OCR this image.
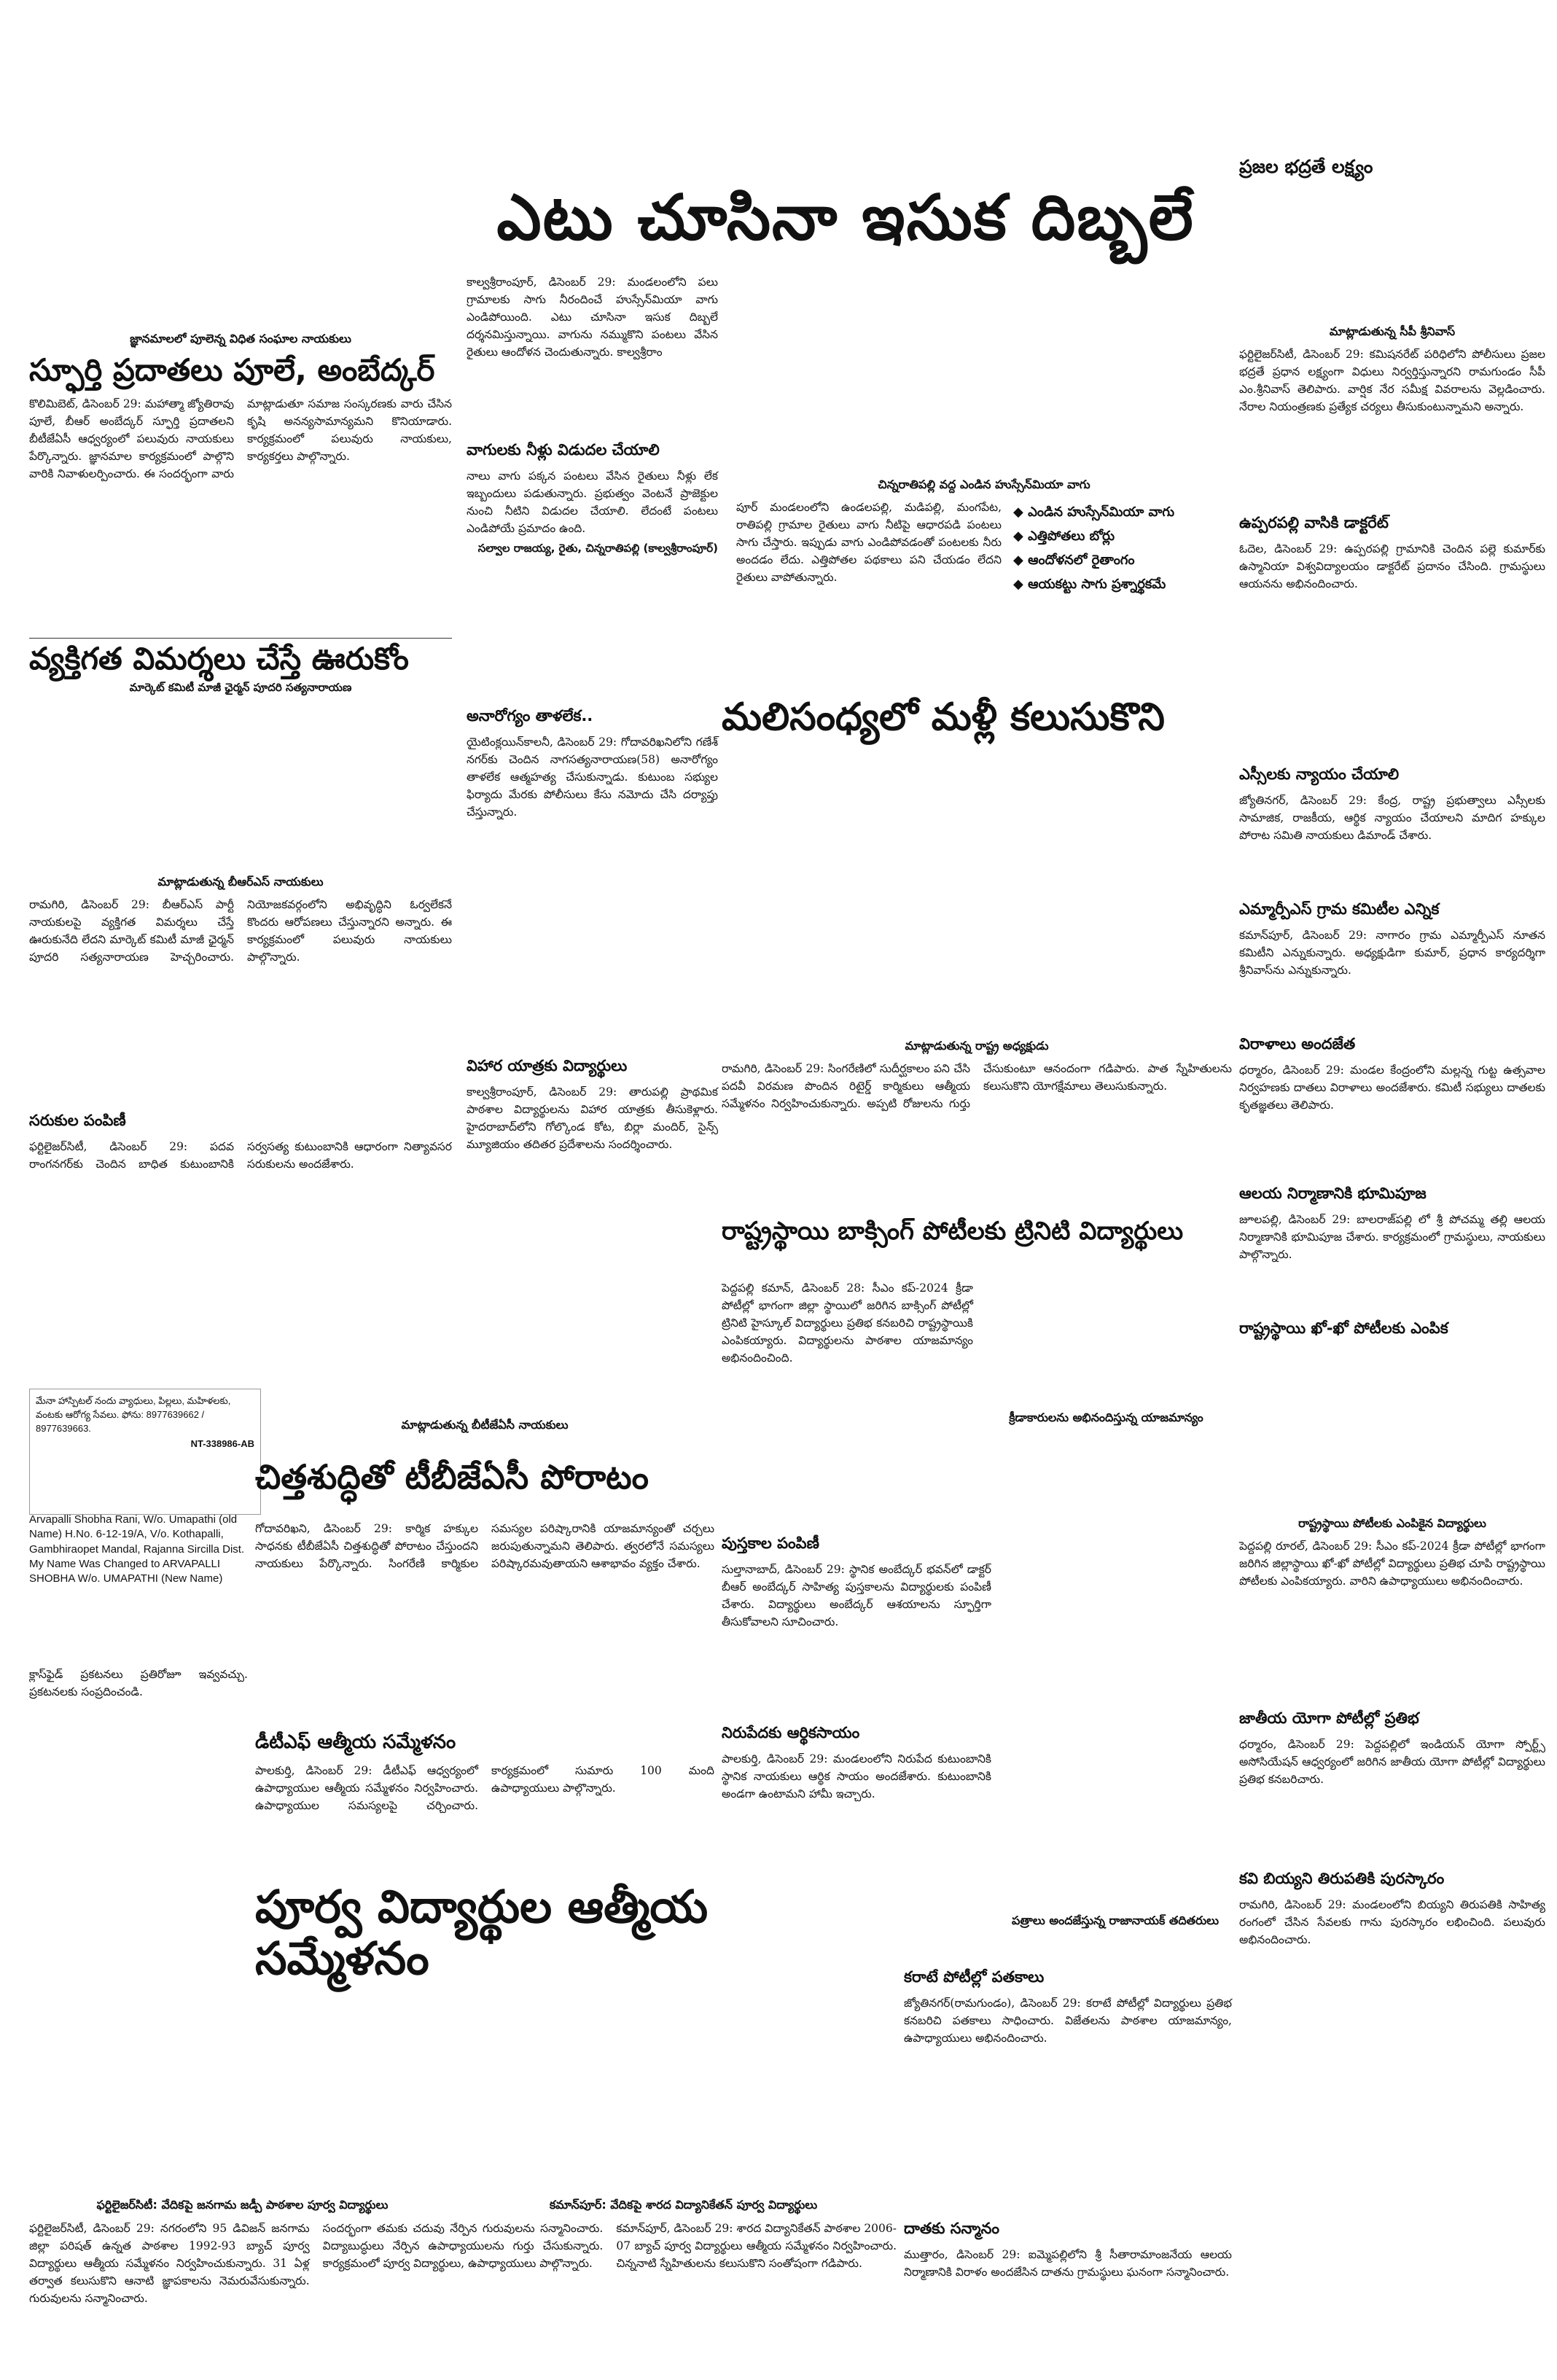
ప్రజల భద్రతే లక్ష్యం

ఎటు చూసినా ఇసుక దిబ్బలే

జ్ఞానమాలలో పూలెన్న విధిత సంఘాల నాయకులు

స్ఫూర్తి ప్రదాతలు పూలే, అంబేద్కర్

కొలిమిబెట్, డిసెంబర్ 29: మహాత్మా జ్యోతిరావు పూలే, బీఆర్ అంబేద్కర్ స్ఫూర్తి ప్రదాతలని బీటీజేఏసీ ఆధ్వర్యంలో పలువురు నాయకులు పేర్కొన్నారు. జ్ఞానమాల కార్యక్రమంలో పాల్గొని వారికి నివాళులర్పించారు. ఈ సందర్భంగా వారు మాట్లాడుతూ సమాజ సంస్కరణకు వారు చేసిన కృషి అనన్యసామాన్యమని కొనియాడారు. కార్యక్రమంలో పలువురు నాయకులు, కార్యకర్తలు పాల్గొన్నారు.

వ్యక్తిగత విమర్శలు చేస్తే ఊరుకోం

మార్కెట్ కమిటీ మాజీ ఛైర్మన్ పూదరి సత్యనారాయణ

మాట్లాడుతున్న బీఆర్ఎస్ నాయకులు

రామగిరి, డిసెంబర్ 29: బీఆర్ఎస్ పార్టీ నాయకులపై వ్యక్తిగత విమర్శలు చేస్తే ఊరుకునేది లేదని మార్కెట్ కమిటీ మాజీ ఛైర్మన్ పూదరి సత్యనారాయణ హెచ్చరించారు. నియోజకవర్గంలోని అభివృద్ధిని ఓర్వలేకనే కొందరు ఆరోపణలు చేస్తున్నారని అన్నారు. ఈ కార్యక్రమంలో పలువురు నాయకులు పాల్గొన్నారు.

సరుకుల పంపిణీ

ఫర్టిలైజర్‌సిటీ, డిసెంబర్ 29: పదవ రాంగనగర్‌కు చెందిన బాధిత కుటుంబానికి సర్వసత్య కుటుంబానికి ఆధారంగా నిత్యావసర సరుకులను అందజేశారు.

కాల్వశ్రీరాంపూర్, డిసెంబర్ 29: మండలంలోని పలు గ్రామాలకు సాగు నీరందించే హుస్సేన్‌మియా వాగు ఎండిపోయింది. ఎటు చూసినా ఇసుక దిబ్బలే దర్శనమిస్తున్నాయి. వాగును నమ్ముకొని పంటలు వేసిన రైతులు ఆందోళన చెందుతున్నారు. కాల్వశ్రీరాం

వాగులకు నీళ్లు విడుదల చేయాలి

నాలు వాగు పక్కన పంటలు వేసిన రైతులు నీళ్లు లేక ఇబ్బందులు పడుతున్నారు. ప్రభుత్వం వెంటనే ప్రాజెక్టుల నుంచి నీటిని విడుదల చేయాలి. లేదంటే పంటలు ఎండిపోయే ప్రమాదం ఉంది.

సల్వాల రాజయ్య, రైతు, చిన్నరాతిపల్లి (కాల్వశ్రీరాంపూర్)

చిన్నరాతిపల్లి వద్ద ఎండిన హుస్సేన్‌మియా వాగు

పూర్ మండలంలోని ఉండలపల్లి, మడిపల్లి, మంగపేట, రాతిపల్లి గ్రామాల రైతులు వాగు నీటిపై ఆధారపడి పంటలు సాగు చేస్తారు. ఇప్పుడు వాగు ఎండిపోవడంతో పంటలకు నీరు అందడం లేదు. ఎత్తిపోతల పథకాలు పని చేయడం లేదని రైతులు వాపోతున్నారు.

◆ ఎండిన హుస్సేన్‌మియా వాగు
◆ ఎత్తిపోతలు బోర్లు
◆ ఆందోళనలో రైతాంగం
◆ ఆయకట్టు సాగు ప్రశ్నార్థకమే

అనారోగ్యం తాళలేక..

యైటింక్లయిన్‌కాలనీ, డిసెంబర్ 29: గోదావరిఖనిలోని గణేశ్ నగర్‌కు చెందిన నాగసత్యనారాయణ(58) అనారోగ్యం తాళలేక ఆత్మహత్య చేసుకున్నాడు. కుటుంబ సభ్యుల ఫిర్యాదు మేరకు పోలీసులు కేసు నమోదు చేసి దర్యాప్తు చేస్తున్నారు.

మలిసంధ్యలో మళ్లీ కలుసుకొని

విహార యాత్రకు విద్యార్థులు

కాల్వశ్రీరాంపూర్, డిసెంబర్ 29: తారుపల్లి ప్రాథమిక పాఠశాల విద్యార్థులను విహార యాత్రకు తీసుకెళ్లారు. హైదరాబాద్‌లోని గోల్కొండ కోట, బిర్లా మందిర్, సైన్స్ మ్యూజియం తదితర ప్రదేశాలను సందర్శించారు.

మాట్లాడుతున్న రాష్ట్ర అధ్యక్షుడు

రామగిరి, డిసెంబర్ 29: సింగరేణిలో సుదీర్ఘకాలం పని చేసి పదవీ విరమణ పొందిన రిటైర్డ్ కార్మికులు ఆత్మీయ సమ్మేళనం నిర్వహించుకున్నారు. అప్పటి రోజులను గుర్తు చేసుకుంటూ ఆనందంగా గడిపారు. పాత స్నేహితులను కలుసుకొని యోగక్షేమాలు తెలుసుకున్నారు.

రాష్ట్రస్థాయి బాక్సింగ్ పోటీలకు ట్రినిటి విద్యార్థులు

పెద్దపల్లి కమాన్, డిసెంబర్ 28: సీఎం కప్-2024 క్రీడా పోటీల్లో భాగంగా జిల్లా స్థాయిలో జరిగిన బాక్సింగ్ పోటీల్లో ట్రినిటి హైస్కూల్ విద్యార్థులు ప్రతిభ కనబరిచి రాష్ట్రస్థాయికి ఎంపికయ్యారు. విద్యార్థులను పాఠశాల యాజమాన్యం అభినందించింది.

క్రీడాకారులను అభినందిస్తున్న యాజమాన్యం

మేనా హాస్పిటల్ నందు వ్యాధులు, పిల్లలు, మహిళలకు, వంటకు ఆరోగ్య సేవలు. ఫోను: 8977639662 / 8977639663.
NT-338986-AB
Arvapalli Shobha Rani, W/o. Umapathi (old Name) H.No. 6-12-19/A, V/o. Kothapalli, Gambhiraopet Mandal, Rajanna Sircilla Dist. My Name Was Changed to ARVAPALLI SHOBHA W/o. UMAPATHI (New Name)

క్లాస్‌ఫైడ్ ప్రకటనలు ప్రతిరోజూ ఇవ్వవచ్చు. ప్రకటనలకు సంప్రదించండి.

మాట్లాడుతున్న బీటీజేఏసీ నాయకులు

చిత్తశుద్ధితో టీబీజేఏసీ పోరాటం

గోదావరిఖని, డిసెంబర్ 29: కార్మిక హక్కుల సాధనకు టీబీజేఏసీ చిత్తశుద్ధితో పోరాటం చేస్తుందని నాయకులు పేర్కొన్నారు. సింగరేణి కార్మికుల సమస్యల పరిష్కారానికి యాజమాన్యంతో చర్చలు జరుపుతున్నామని తెలిపారు. త్వరలోనే సమస్యలు పరిష్కారమవుతాయని ఆశాభావం వ్యక్తం చేశారు.

డీటీఎఫ్ ఆత్మీయ సమ్మేళనం

పాలకుర్తి, డిసెంబర్ 29: డీటీఎఫ్ ఆధ్వర్యంలో ఉపాధ్యాయుల ఆత్మీయ సమ్మేళనం నిర్వహించారు. ఉపాధ్యాయుల సమస్యలపై చర్చించారు. కార్యక్రమంలో సుమారు 100 మంది ఉపాధ్యాయులు పాల్గొన్నారు.

పుస్తకాల పంపిణీ

సుల్తానాబాద్, డిసెంబర్ 29: స్థానిక అంబేద్కర్ భవన్‌లో డాక్టర్ బీఆర్ అంబేద్కర్ సాహిత్య పుస్తకాలను విద్యార్థులకు పంపిణీ చేశారు. విద్యార్థులు అంబేద్కర్ ఆశయాలను స్ఫూర్తిగా తీసుకోవాలని సూచించారు.

నిరుపేదకు ఆర్థికసాయం

పాలకుర్తి, డిసెంబర్ 29: మండలంలోని నిరుపేద కుటుంబానికి స్థానిక నాయకులు ఆర్థిక సాయం అందజేశారు. కుటుంబానికి అండగా ఉంటామని హామీ ఇచ్చారు.

పత్రాలు అందజేస్తున్న రాజానాయక్ తదితరులు

మాట్లాడుతున్న సీపీ శ్రీనివాస్

ఫర్టిలైజర్‌సిటీ, డిసెంబర్ 29: కమిషనరేట్ పరిధిలోని పోలీసులు ప్రజల భద్రతే ప్రధాన లక్ష్యంగా విధులు నిర్వర్తిస్తున్నారని రామగుండం సీపీ ఎం.శ్రీనివాస్ తెలిపారు. వార్షిక నేర సమీక్ష వివరాలను వెల్లడించారు. నేరాల నియంత్రణకు ప్రత్యేక చర్యలు తీసుకుంటున్నామని అన్నారు.

ఉప్పరపల్లి వాసికి డాక్టరేట్

ఓదెల, డిసెంబర్ 29: ఉప్పరపల్లి గ్రామానికి చెందిన పల్లె కుమార్‌కు ఉస్మానియా విశ్వవిద్యాలయం డాక్టరేట్ ప్రదానం చేసింది. గ్రామస్థులు ఆయనను అభినందించారు.

ఎస్సీలకు న్యాయం చేయాలి

జ్యోతినగర్, డిసెంబర్ 29: కేంద్ర, రాష్ట్ర ప్రభుత్వాలు ఎస్సీలకు సామాజిక, రాజకీయ, ఆర్థిక న్యాయం చేయాలని మాదిగ హక్కుల పోరాట సమితి నాయకులు డిమాండ్ చేశారు.

ఎమ్మార్పీఎస్ గ్రామ కమిటీల ఎన్నిక

కమాన్‌పూర్, డిసెంబర్ 29: నాగారం గ్రామ ఎమ్మార్పీఎస్ నూతన కమిటీని ఎన్నుకున్నారు. అధ్యక్షుడిగా కుమార్, ప్రధాన కార్యదర్శిగా శ్రీనివాస్‌ను ఎన్నుకున్నారు.

విరాళాలు అందజేత

ధర్మారం, డిసెంబర్ 29: మండల కేంద్రంలోని మల్లన్న గుట్ట ఉత్సవాల నిర్వహణకు దాతలు విరాళాలు అందజేశారు. కమిటీ సభ్యులు దాతలకు కృతజ్ఞతలు తెలిపారు.

ఆలయ నిర్మాణానికి భూమిపూజ

జూలపల్లి, డిసెంబర్ 29: బాలరాజ్‌పల్లి లో శ్రీ పోచమ్మ తల్లి ఆలయ నిర్మాణానికి భూమిపూజ చేశారు. కార్యక్రమంలో గ్రామస్థులు, నాయకులు పాల్గొన్నారు.

రాష్ట్రస్థాయి ఖో-ఖో పోటీలకు ఎంపిక

రాష్ట్రస్థాయి పోటీలకు ఎంపికైన విద్యార్థులు

పెద్దపల్లి రూరల్, డిసెంబర్ 29: సీఎం కప్-2024 క్రీడా పోటీల్లో భాగంగా జరిగిన జిల్లాస్థాయి ఖో-ఖో పోటీల్లో విద్యార్థులు ప్రతిభ చూపి రాష్ట్రస్థాయి పోటీలకు ఎంపికయ్యారు. వారిని ఉపాధ్యాయులు అభినందించారు.

జాతీయ యోగా పోటీల్లో ప్రతిభ

ధర్మారం, డిసెంబర్ 29: పెద్దపల్లిలో ఇండియన్ యోగా స్పోర్ట్స్ అసోసియేషన్ ఆధ్వర్యంలో జరిగిన జాతీయ యోగా పోటీల్లో విద్యార్థులు ప్రతిభ కనబరిచారు.

కవి బియ్యని తిరుపతికి పురస్కారం

రామగిరి, డిసెంబర్ 29: మండలంలోని బియ్యని తిరుపతికి సాహిత్య రంగంలో చేసిన సేవలకు గాను పురస్కారం లభించింది. పలువురు అభినందించారు.

పూర్వ విద్యార్థుల ఆత్మీయ సమ్మేళనం

ఫర్టిలైజర్‌సిటీ: వేదికపై జనగామ జడ్పీ పాఠశాల పూర్వ విద్యార్థులు	కమాన్‌పూర్: వేదికపై శారద విద్యానికేతన్ పూర్వ విద్యార్థులు

ఫర్టిలైజర్‌సిటీ, డిసెంబర్ 29: నగరంలోని 95 డివిజన్ జనగామ జిల్లా పరిషత్ ఉన్నత పాఠశాల 1992-93 బ్యాచ్ పూర్వ విద్యార్థులు ఆత్మీయ సమ్మేళనం నిర్వహించుకున్నారు. 31 ఏళ్ల తర్వాత కలుసుకొని ఆనాటి జ్ఞాపకాలను నెమరువేసుకున్నారు. గురువులను సన్మానించారు.

సందర్భంగా తమకు చదువు నేర్పిన గురువులను సన్మానించారు. విద్యాబుద్ధులు నేర్పిన ఉపాధ్యాయులను గుర్తు చేసుకున్నారు. కార్యక్రమంలో పూర్వ విద్యార్థులు, ఉపాధ్యాయులు పాల్గొన్నారు.

కమాన్‌పూర్, డిసెంబర్ 29: శారద విద్యానికేతన్ పాఠశాల 2006-07 బ్యాచ్ పూర్వ విద్యార్థులు ఆత్మీయ సమ్మేళనం నిర్వహించారు. చిన్ననాటి స్నేహితులను కలుసుకొని సంతోషంగా గడిపారు.

కరాటే పోటీల్లో పతకాలు

జ్యోతినగర్(రామగుండం), డిసెంబర్ 29: కరాటే పోటీల్లో విద్యార్థులు ప్రతిభ కనబరిచి పతకాలు సాధించారు. విజేతలను పాఠశాల యాజమాన్యం, ఉపాధ్యాయులు అభినందించారు.

దాతకు సన్మానం

ముత్తారం, డిసెంబర్ 29: ఐమ్మెపల్లిలోని శ్రీ సీతారామాంజనేయ ఆలయ నిర్మాణానికి విరాళం అందజేసిన దాతను గ్రామస్థులు ఘనంగా సన్మానించారు.
